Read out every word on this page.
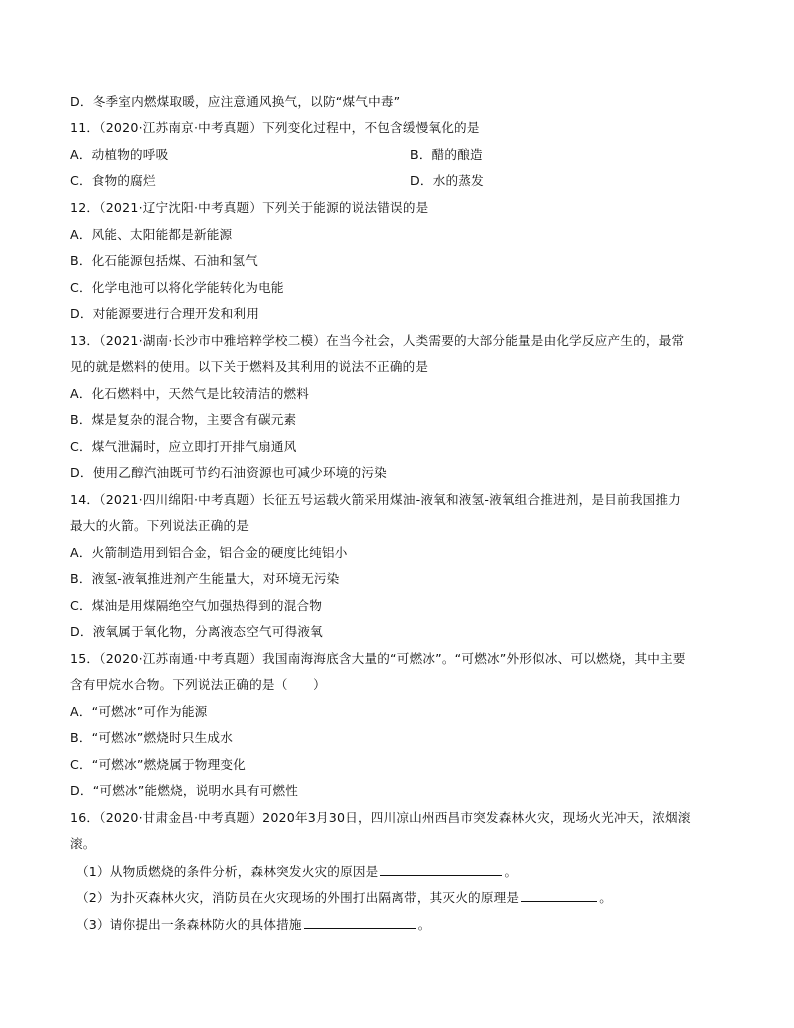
D．冬季室内燃煤取暖，应注意通风换气，以防“煤气中毒”
11．（2020·江苏南京·中考真题）下列变化过程中，不包含缓慢氧化的是
A．动植物的呼吸	B．醋的酿造
C．食物的腐烂	D．水的蒸发
12．（2021·辽宁沈阳·中考真题）下列关于能源的说法错误的是
A．风能、太阳能都是新能源
B．化石能源包括煤、石油和氢气
C．化学电池可以将化学能转化为电能
D．对能源要进行合理开发和利用
13．（2021·湖南·长沙市中雅培粹学校二模）在当今社会，人类需要的大部分能量是由化学反应产生的，最常
见的就是燃料的使用。以下关于燃料及其利用的说法不正确的是
A．化石燃料中，天然气是比较清洁的燃料
B．煤是复杂的混合物，主要含有碳元素
C．煤气泄漏时，应立即打开排气扇通风
D．使用乙醇汽油既可节约石油资源也可减少环境的污染
14．（2021·四川绵阳·中考真题）长征五号运载火箭采用煤油-液氧和液氢-液氧组合推进剂，是目前我国推力
最大的火箭。下列说法正确的是
A．火箭制造用到铝合金，铝合金的硬度比纯铝小
B．液氢-液氧推进剂产生能量大，对环境无污染
C．煤油是用煤隔绝空气加强热得到的混合物
D．液氧属于氧化物，分离液态空气可得液氧
15．（2020·江苏南通·中考真题）我国南海海底含大量的“可燃冰”。“可燃冰”外形似冰、可以燃烧，其中主要
含有甲烷水合物。下列说法正确的是（　　）
A．“可燃冰”可作为能源
B．“可燃冰”燃烧时只生成水
C．“可燃冰”燃烧属于物理变化
D．“可燃冰”能燃烧，说明水具有可燃性
16．（2020·甘肃金昌·中考真题）2020年3月30日，四川凉山州西昌市突发森林火灾，现场火光冲天，浓烟滚
滚。
（1）从物质燃烧的条件分析，森林突发火灾的原因是	。
（2）为扑灭森林火灾，消防员在火灾现场的外围打出隔离带，其灭火的原理是	。
（3）请你提出一条森林防火的具体措施	。
